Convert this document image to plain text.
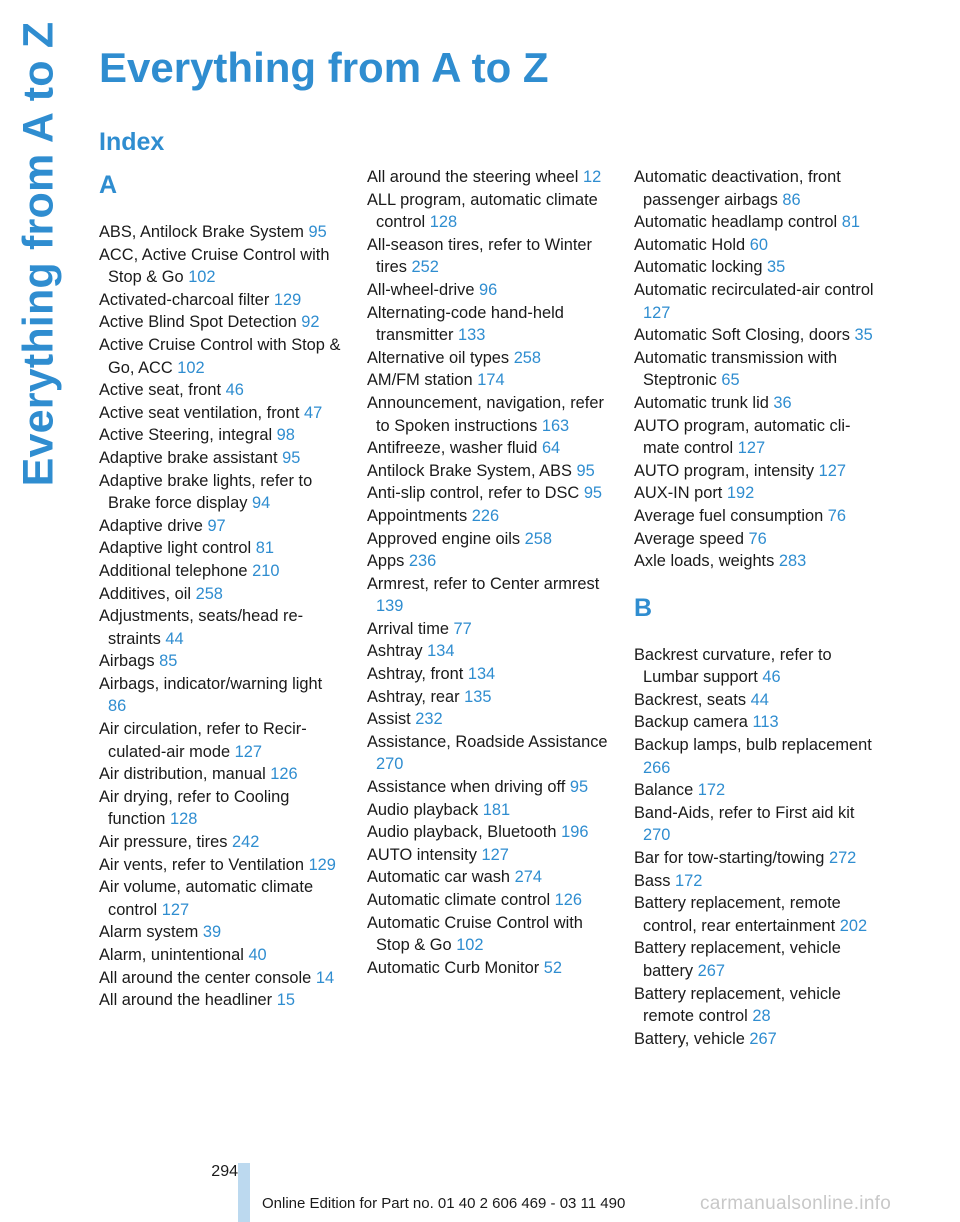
Everything from A to Z Everything from A to Z
Index
A
ABS, Antilock Brake System 95
ACC, Active Cruise Control with Stop & Go 102
Activated-charcoal filter 129
Active Blind Spot Detection 92
Active Cruise Control with Stop & Go, ACC 102
Active seat, front 46
Active seat ventilation, front 47
Active Steering, integral 98
Adaptive brake assistant 95
Adaptive brake lights, refer to Brake force display 94
Adaptive drive 97
Adaptive light control 81
Additional telephone 210
Additives, oil 258
Adjustments, seats/head restraints 44
Airbags 85
Airbags, indicator/warning light 86
Air circulation, refer to Recirculated-air mode 127
Air distribution, manual 126
Air drying, refer to Cooling function 128
Air pressure, tires 242
Air vents, refer to Ventilation 129
Air volume, automatic climate control 127
Alarm system 39
Alarm, unintentional 40
All around the center console 14
All around the headliner 15
All around the steering wheel 12
ALL program, automatic climate control 128
All-season tires, refer to Winter tires 252
All-wheel-drive 96
Alternating-code hand-held transmitter 133
Alternative oil types 258
AM/FM station 174
Announcement, navigation, refer to Spoken instructions 163
Antifreeze, washer fluid 64
Antilock Brake System, ABS 95
Anti-slip control, refer to DSC 95
Appointments 226
Approved engine oils 258
Apps 236
Armrest, refer to Center armrest 139
Arrival time 77
Ashtray 134
Ashtray, front 134
Ashtray, rear 135
Assist 232
Assistance, Roadside Assistance 270
Assistance when driving off 95
Audio playback 181
Audio playback, Bluetooth 196
AUTO intensity 127
Automatic car wash 274
Automatic climate control 126
Automatic Cruise Control with Stop & Go 102
Automatic Curb Monitor 52
Automatic deactivation, front passenger airbags 86
Automatic headlamp control 81
Automatic Hold 60
Automatic locking 35
Automatic recirculated-air control 127
Automatic Soft Closing, doors 35
Automatic transmission with Steptronic 65
Automatic trunk lid 36
AUTO program, automatic climate control 127
AUTO program, intensity 127
AUX-IN port 192
Average fuel consumption 76
Average speed 76
Axle loads, weights 283
B
Backrest curvature, refer to Lumbar support 46
Backrest, seats 44
Backup camera 113
Backup lamps, bulb replacement 266
Balance 172
Band-Aids, refer to First aid kit 270
Bar for tow-starting/towing 272
Bass 172
Battery replacement, remote control, rear entertainment 202
Battery replacement, vehicle battery 267
Battery replacement, vehicle remote control 28
Battery, vehicle 267
294
Online Edition for Part no. 01 40 2 606 469 - 03 11 490	carmanualsonline.info
